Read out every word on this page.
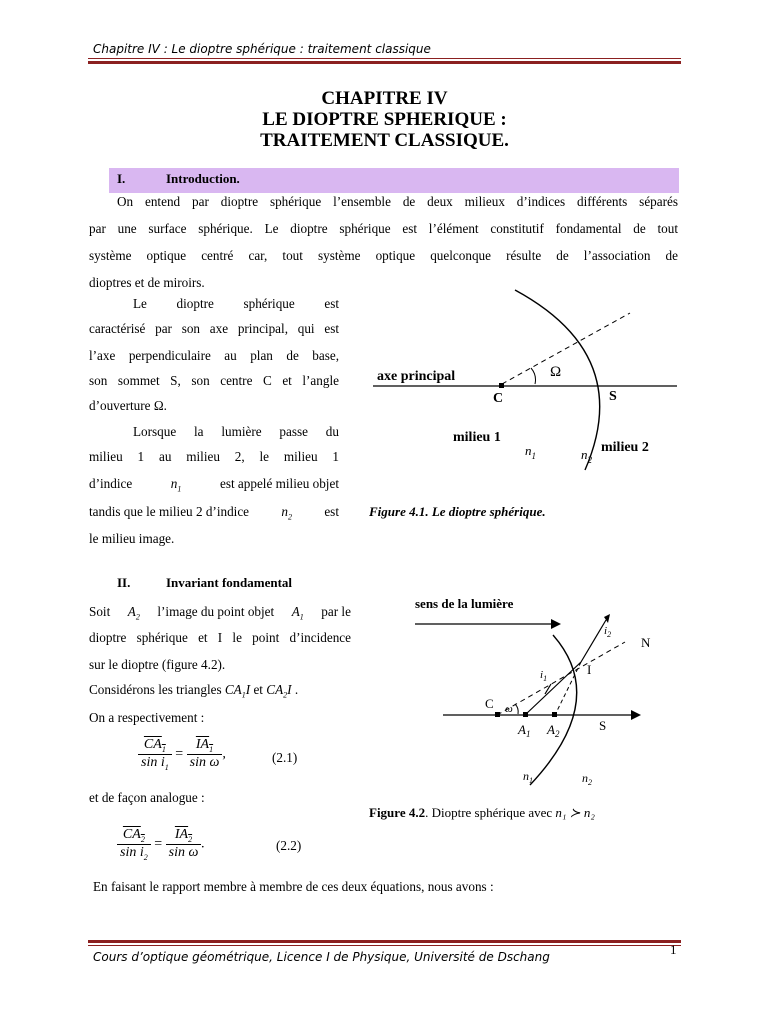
Chapitre IV : Le dioptre sphérique : traitement classique
CHAPITRE IV
LE DIOPTRE SPHERIQUE :
TRAITEMENT CLASSIQUE.
I.	Introduction.
On entend par dioptre sphérique l’ensemble de deux milieux d’indices différents séparés
par une surface sphérique. Le dioptre sphérique est l’élément constitutif fondamental de tout
système optique centré car, tout système optique quelconque résulte de l’association de
dioptres et de miroirs.
Le dioptre sphérique est
caractérisé par son axe principal, qui est
l’axe perpendiculaire au plan de base,
son sommet S, son centre C et l’angle
d’ouverture Ω.
Lorsque la lumière passe du
milieu 1 au milieu 2, le milieu 1
d’indice	$n_1$	est appelé milieu objet
tandis que le milieu 2 d’indice $n_2$ est
le milieu image.
axe principal	Ω
C	S
milieu 1
milieu 2
$n_1$	$n_2$
Figure 4.1. Le dioptre sphérique.
II.	Invariant fondamental
Soit $A_2$ l’image du point objet $A_1$ par le
dioptre sphérique et I le point d’incidence
sur le dioptre (figure 4.2).
Considérons les triangles $CA_1I$ et $CA_2I$ .
On a respectivement :
$\frac{CA_1}{\sin i_1} = \frac{IA_1}{\text{sin ω}}$ ,	(2.1)
et de façon analogue :
$\frac{CA_2}{\sin i_2} = \frac{IA_2}{\text{sin ω}}$ .	(2.2)
En faisant le rapport membre à membre de ces deux équations, nous avons :
sens de la lumière
C ω
$A_1$ $A_2$
S
I
N
$i_1$
$i_2$
$n_1$	$n_2$
Figure 4.2. Dioptre sphérique avec n₁ ≻ n₂
Cours d’optique géométrique, Licence I de Physique, Université de Dschang	1
